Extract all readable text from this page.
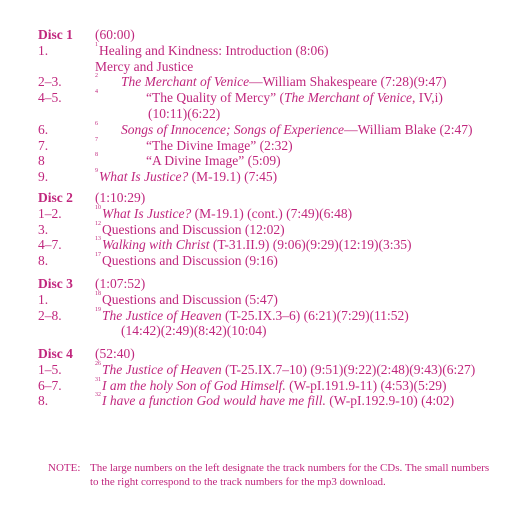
Disc 1 (60:00)
1.	$^1$Healing and Kindness: Introduction (8:06)
Mercy and Justice
2–3.	$^2$ The Merchant of Venice—William Shakespeare (7:28)(9:47)
4–5.	$^4$	“The Quality of Mercy” (The Merchant of Venice, IV,i)
(10:11)(6:22)
6.	$^6$ Songs of Innocence; Songs of Experience—William Blake (2:47)
7.	$^7$	“The Divine Image” (2:32)
8	$^8$	“A Divine Image” (5:09)
9.	$^9$What Is Justice? (M-19.1) (7:45)
Disc 2 (1:10:29)
1–2.	$^{10}$What Is Justice? (M-19.1) (cont.) (7:49)(6:48)
3.	$^{12}$Questions and Discussion (12:02)
4–7.	$^{13}$Walking with Christ (T-31.II.9) (9:06)(9:29)(12:19)(3:35)
8.	$^{17}$Questions and Discussion (9:16)
Disc 3 (1:07:52)
1.	$^{18}$Questions and Discussion (5:47)
2–8.	$^{19}$The Justice of Heaven (T-25.IX.3–6) (6:21)(7:29)(11:52)
(14:42)(2:49)(8:42)(10:04)
Disc 4 (52:40)
1–5.	$^{26}$The Justice of Heaven (T-25.IX.7–10) (9:51)(9:22)(2:48)(9:43)(6:27)
6–7.	$^{31}$I am the holy Son of God Himself. (W-pI.191.9-11) (4:53)(5:29)
8.	$^{32}$I have a function God would have me fill. (W-pI.192.9-10) (4:02)
NOTE: The large numbers on the left designate the track numbers for the CDs. The small numbers to the right correspond to the track numbers for the mp3 download.
